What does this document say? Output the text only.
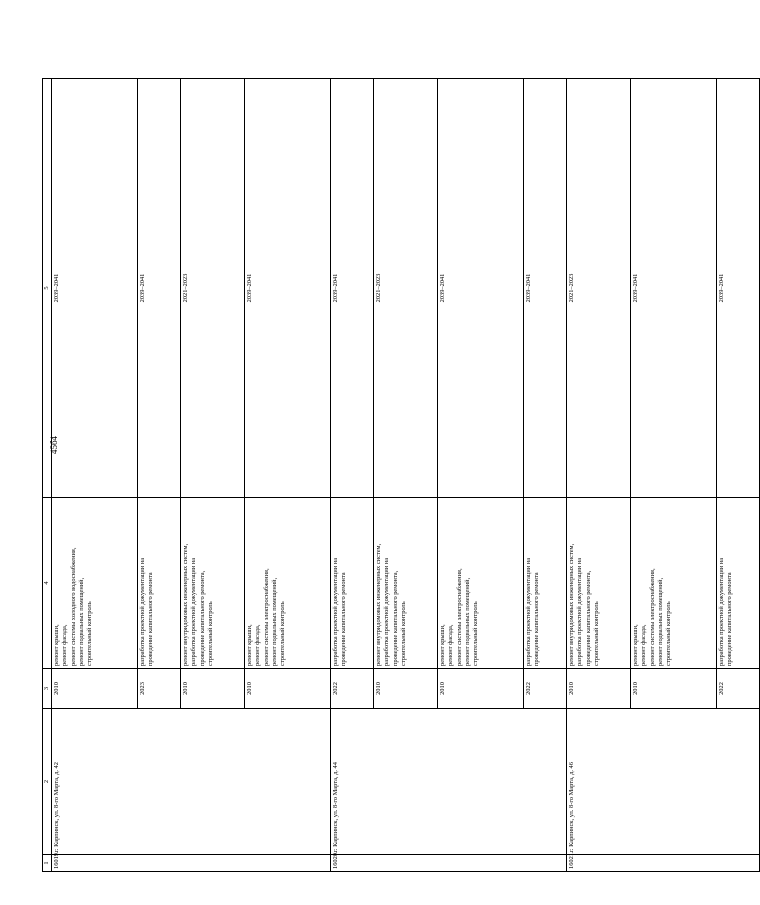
45б4
1	2	3	4	5
16019.	г. Карпинск, ул. 8-го Марта, д. 42	2010	ремонт крыши, ремонт фасада, ремонт системы холодного водоснабжения, ремонт подвальных помещений, строительный контроль	2039–2041
		2023	разработка проектной документации на проведение капитального ремонта	2039–2041
		2010	ремонт внутридомовых инженерных систем, разработка проектной документации на проведение капитального ремонта, строительный контроль	2021–2023
		2010	ремонт крыши, ремонт фасада, ремонт системы электроснабжения, ремонт подвальных помещений, строительный контроль	2039–2041
16020.	г. Карпинск, ул. 8-го Марта, д. 44	2022	разработка проектной документации на проведение капитального ремонта	2039–2041
		2010	ремонт внутридомовых инженерных систем, разработка проектной документации на проведение капитального ремонта, строительный контроль	2021–2023
		2010	ремонт крыши, ремонт фасада, ремонт системы электроснабжения, ремонт подвальных помещений, строительный контроль	2039–2041
		2022	разработка проектной документации на проведение капитального ремонта	2039–2041
16021.	г. Карпинск, ул. 8-го Марта, д. 46	2010	ремонт внутридомовых инженерных систем, разработка проектной документации на проведение капитального ремонта, строительный контроль	2021–2023
		2010	ремонт крыши, ремонт фасада, ремонт системы электроснабжения, ремонт подвальных помещений, строительный контроль	2039–2041
		2022	разработка проектной документации на проведение капитального ремонта	2039–2041
